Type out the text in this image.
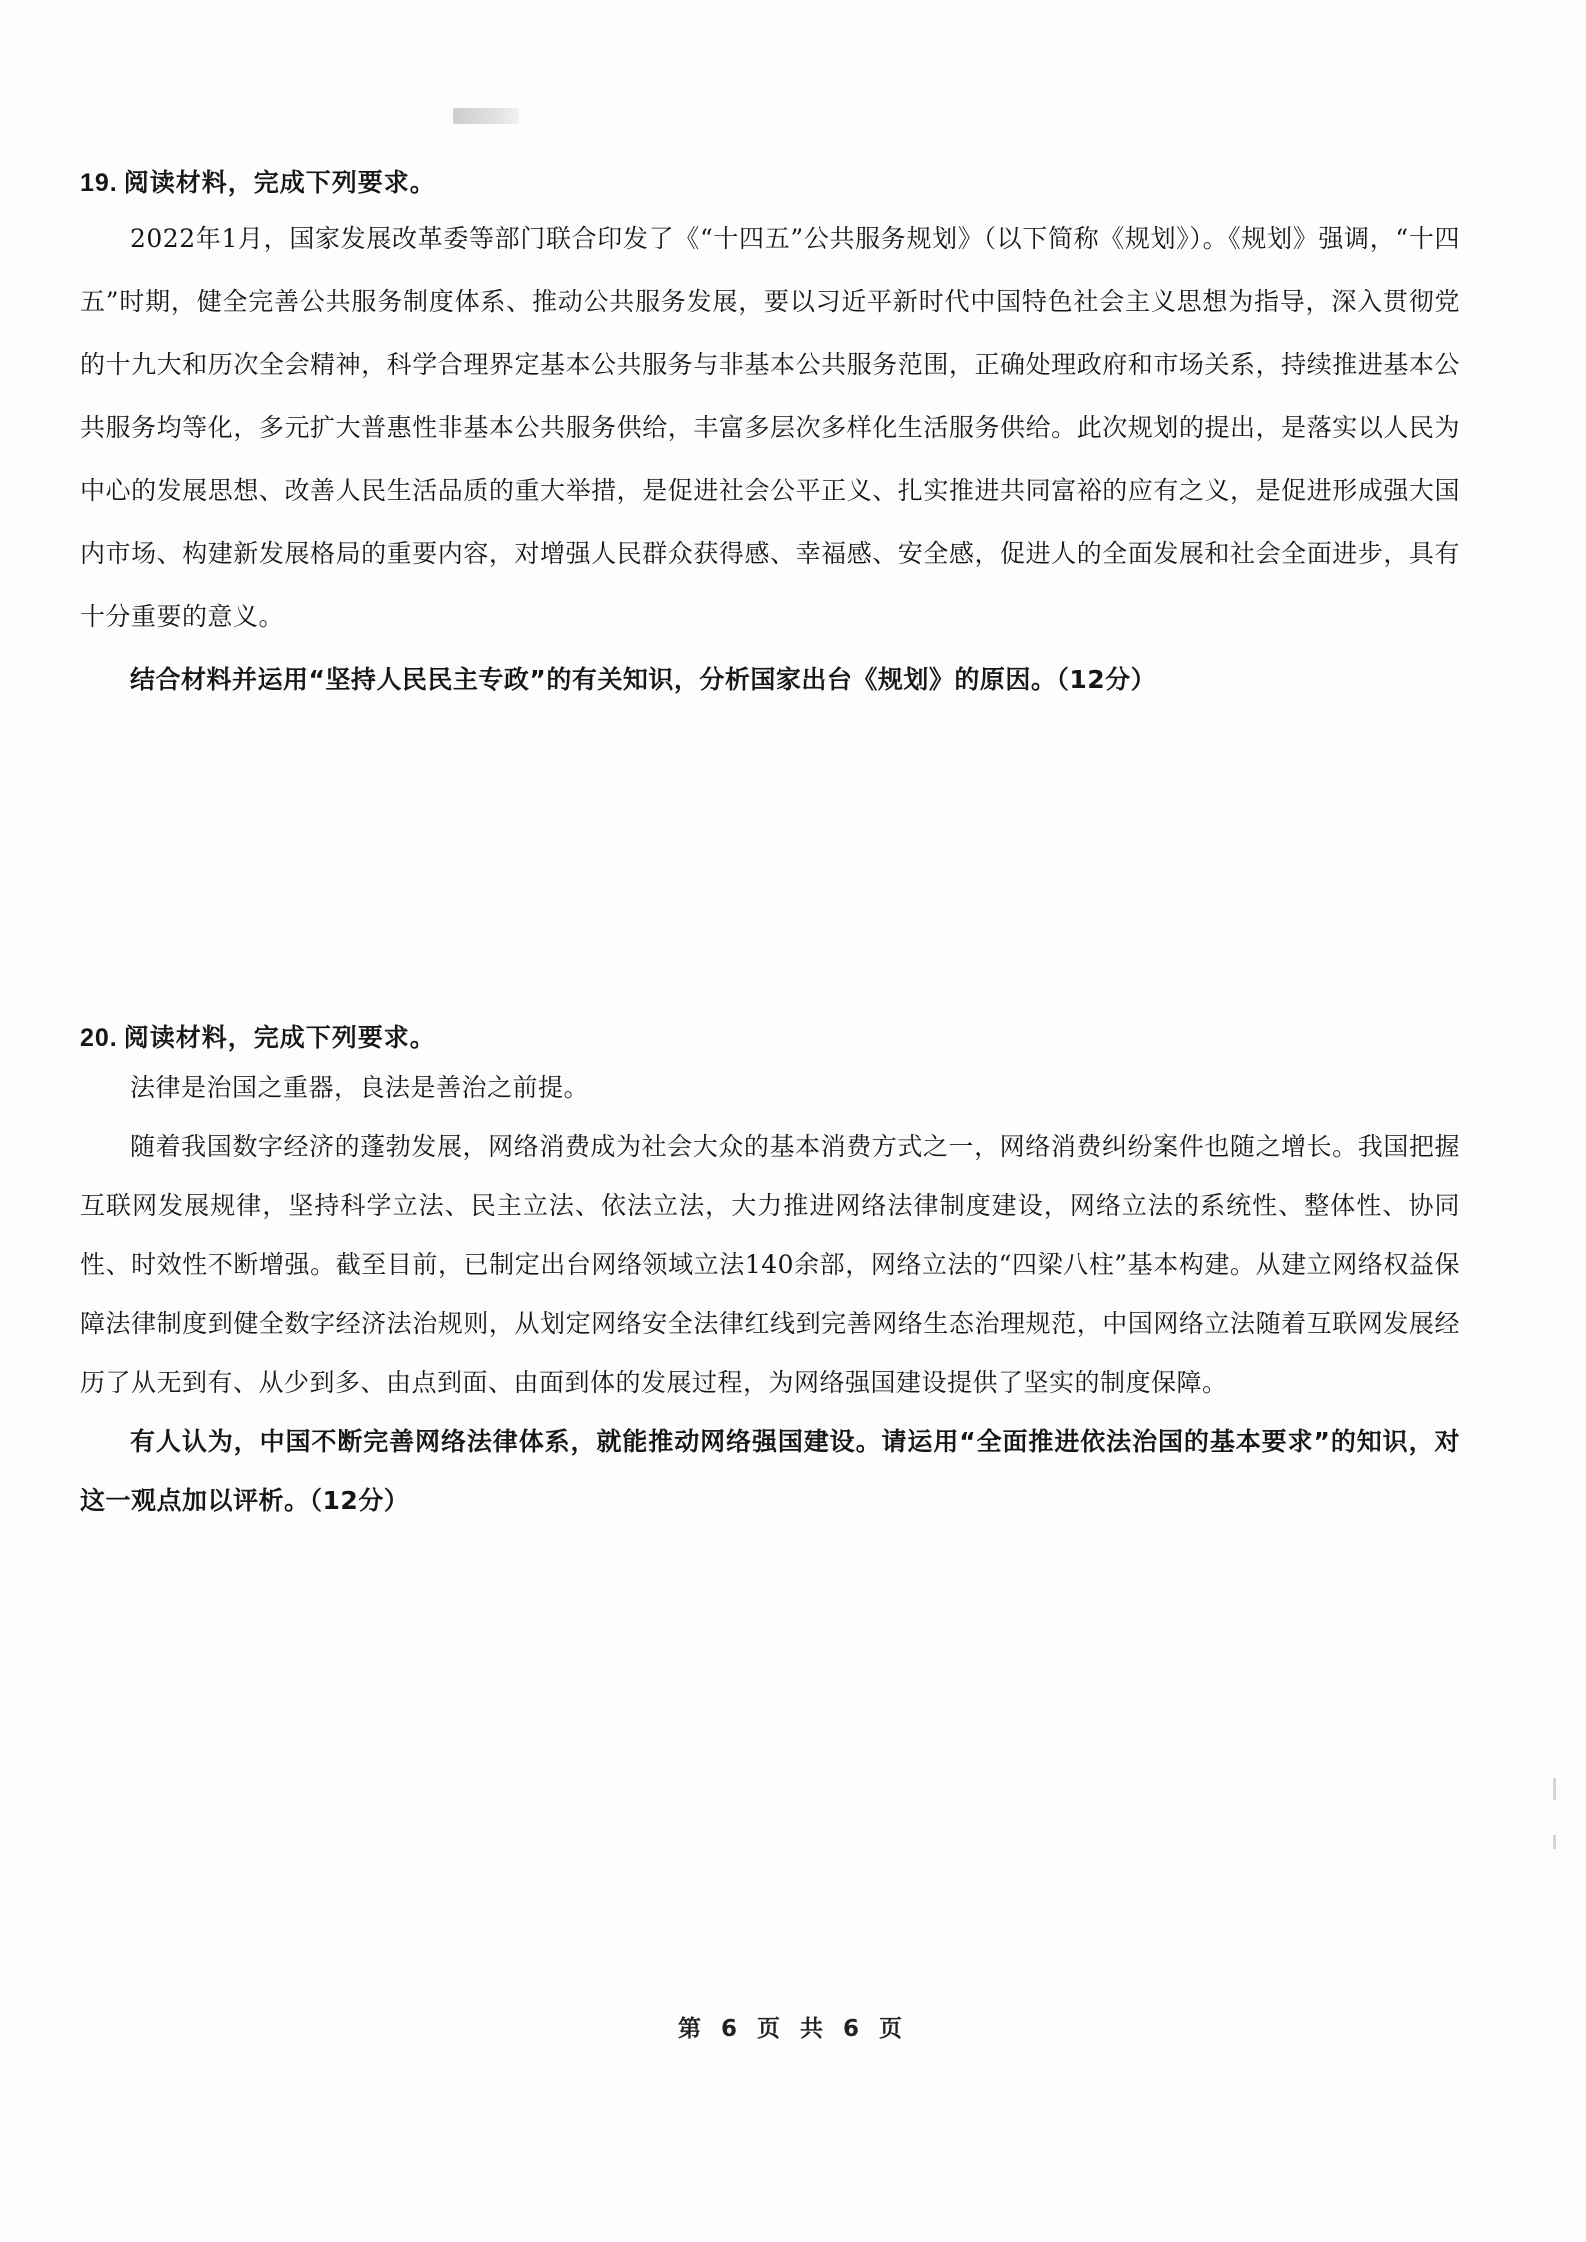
19. 阅读材料，完成下列要求。

2022年1月，国家发展改革委等部门联合印发了《“十四五”公共服务规划》（以下简称《规划》）。《规划》强调，“十四五”时期，健全完善公共服务制度体系、推动公共服务发展，要以习近平新时代中国特色社会主义思想为指导，深入贯彻党的十九大和历次全会精神，科学合理界定基本公共服务与非基本公共服务范围，正确处理政府和市场关系，持续推进基本公共服务均等化，多元扩大普惠性非基本公共服务供给，丰富多层次多样化生活服务供给。此次规划的提出，是落实以人民为中心的发展思想、改善人民生活品质的重大举措，是促进社会公平正义、扎实推进共同富裕的应有之义，是促进形成强大国内市场、构建新发展格局的重要内容，对增强人民群众获得感、幸福感、安全感，促进人的全面发展和社会全面进步，具有十分重要的意义。

结合材料并运用“坚持人民民主专政”的有关知识，分析国家出台《规划》的原因。（12分）

20. 阅读材料，完成下列要求。

法律是治国之重器，良法是善治之前提。

随着我国数字经济的蓬勃发展，网络消费成为社会大众的基本消费方式之一，网络消费纠纷案件也随之增长。我国把握互联网发展规律，坚持科学立法、民主立法、依法立法，大力推进网络法律制度建设，网络立法的系统性、整体性、协同性、时效性不断增强。截至目前，已制定出台网络领域立法140余部，网络立法的“四梁八柱”基本构建。从建立网络权益保障法律制度到健全数字经济法治规则，从划定网络安全法律红线到完善网络生态治理规范，中国网络立法随着互联网发展经历了从无到有、从少到多、由点到面、由面到体的发展过程，为网络强国建设提供了坚实的制度保障。

有人认为，中国不断完善网络法律体系，就能推动网络强国建设。请运用“全面推进依法治国的基本要求”的知识，对这一观点加以评析。（12分）

第 6 页 共 6 页
